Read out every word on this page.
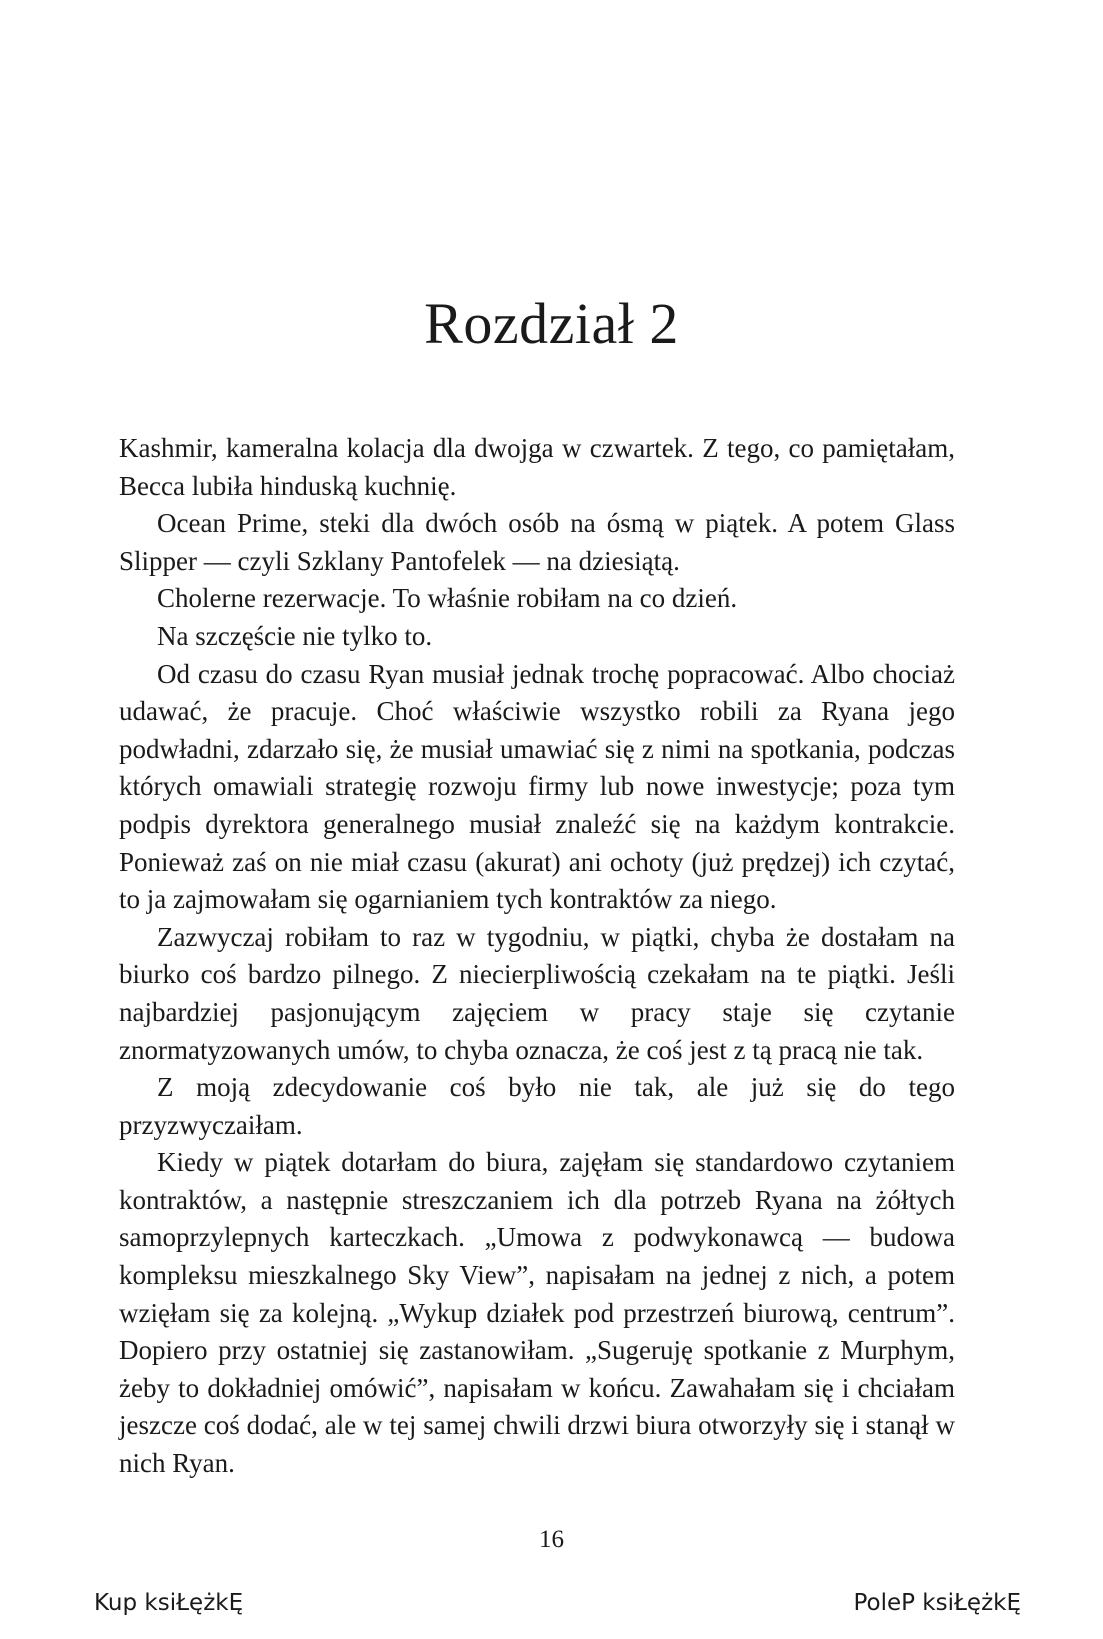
Rozdział 2

Kashmir, kameralna kolacja dla dwojga w czwartek. Z tego, co pamiętałam, Becca lubiła hinduską kuchnię.

Ocean Prime, steki dla dwóch osób na ósmą w piątek. A potem Glass Slipper — czyli Szklany Pantofelek — na dziesiątą.

Cholerne rezerwacje. To właśnie robiłam na co dzień.

Na szczęście nie tylko to.

Od czasu do czasu Ryan musiał jednak trochę popracować. Albo chociaż udawać, że pracuje. Choć właściwie wszystko robili za Ryana jego podwładni, zdarzało się, że musiał umawiać się z nimi na spotkania, podczas których omawiali strategię rozwoju firmy lub nowe inwestycje; poza tym podpis dyrektora generalnego musiał znaleźć się na każdym kontrakcie. Ponieważ zaś on nie miał czasu (akurat) ani ochoty (już prędzej) ich czytać, to ja zajmowałam się ogarnianiem tych kontraktów za niego.

Zazwyczaj robiłam to raz w tygodniu, w piątki, chyba że dostałam na biurko coś bardzo pilnego. Z niecierpliwością czekałam na te piątki. Jeśli najbardziej pasjonującym zajęciem w pracy staje się czytanie znormatyzowanych umów, to chyba oznacza, że coś jest z tą pracą nie tak.

Z moją zdecydowanie coś było nie tak, ale już się do tego przyzwyczaiłam.

Kiedy w piątek dotarłam do biura, zajęłam się standardowo czytaniem kontraktów, a następnie streszczaniem ich dla potrzeb Ryana na żółtych samoprzylepnych karteczkach. „Umowa z podwykonawcą — budowa kompleksu mieszkalnego Sky View”, napisałam na jednej z nich, a potem wzięłam się za kolejną. „Wykup działek pod przestrzeń biurową, centrum”. Dopiero przy ostatniej się zastanowiłam. „Sugeruję spotkanie z Murphym, żeby to dokładniej omówić”, napisałam w końcu. Zawahałam się i chciałam jeszcze coś dodać, ale w tej samej chwili drzwi biura otworzyły się i stanął w nich Ryan.

16

Kup ksiŁężkĘ	PoleP ksiŁężkĘ
